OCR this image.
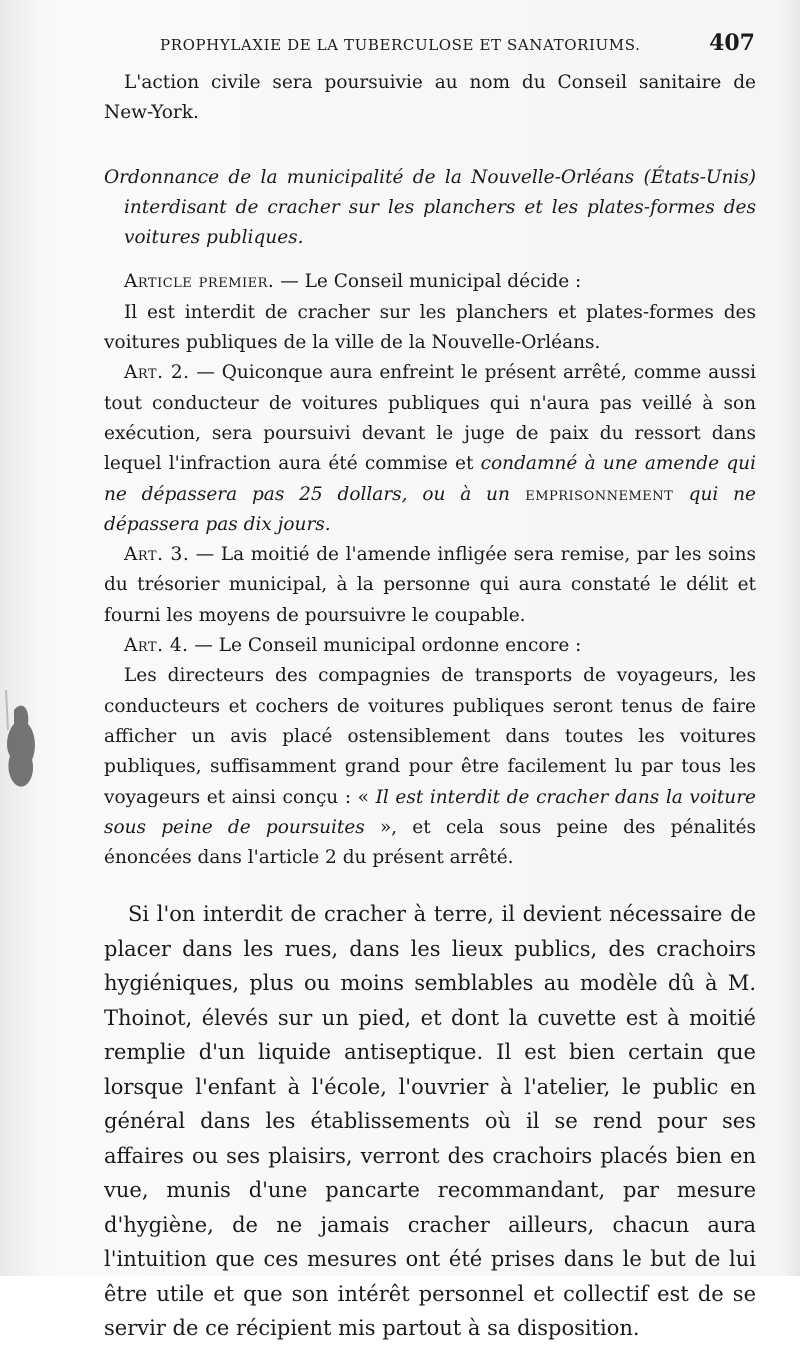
PROPHYLAXIE DE LA TUBERCULOSE ET SANATORIUMS.	407

L'action civile sera poursuivie au nom du Conseil sanitaire de New-York.

Ordonnance de la municipalité de la Nouvelle-Orléans (États-Unis) interdisant de cracher sur les planchers et les plates-formes des voitures publiques.

Article premier. — Le Conseil municipal décide :

Il est interdit de cracher sur les planchers et plates-formes des voitures publiques de la ville de la Nouvelle-Orléans.

Art. 2. — Quiconque aura enfreint le présent arrêté, comme aussi tout conducteur de voitures publiques qui n'aura pas veillé à son exécution, sera poursuivi devant le juge de paix du ressort dans lequel l'infraction aura été commise et condamné à une amende qui ne dépassera pas 25 dollars, ou à un emprisonnement qui ne dépassera pas dix jours.

Art. 3. — La moitié de l'amende infligée sera remise, par les soins du trésorier municipal, à la personne qui aura constaté le délit et fourni les moyens de poursuivre le coupable.

Art. 4. — Le Conseil municipal ordonne encore :

Les directeurs des compagnies de transports de voyageurs, les conducteurs et cochers de voitures publiques seront tenus de faire afficher un avis placé ostensiblement dans toutes les voitures publiques, suffisamment grand pour être facilement lu par tous les voyageurs et ainsi conçu : « Il est interdit de cracher dans la voiture sous peine de poursuites », et cela sous peine des pénalités énoncées dans l'article 2 du présent arrêté.

Si l'on interdit de cracher à terre, il devient nécessaire de placer dans les rues, dans les lieux publics, des crachoirs hygiéniques, plus ou moins semblables au modèle dû à M. Thoinot, élevés sur un pied, et dont la cuvette est à moitié remplie d'un liquide antiseptique. Il est bien certain que lorsque l'enfant à l'école, l'ouvrier à l'atelier, le public en général dans les établissements où il se rend pour ses affaires ou ses plaisirs, verront des crachoirs placés bien en vue, munis d'une pancarte recommandant, par mesure d'hygiène, de ne jamais cracher ailleurs, chacun aura l'intuition que ces mesures ont été prises dans le but de lui être utile et que son intérêt personnel et collectif est de se servir de ce récipient mis partout à sa disposition.
